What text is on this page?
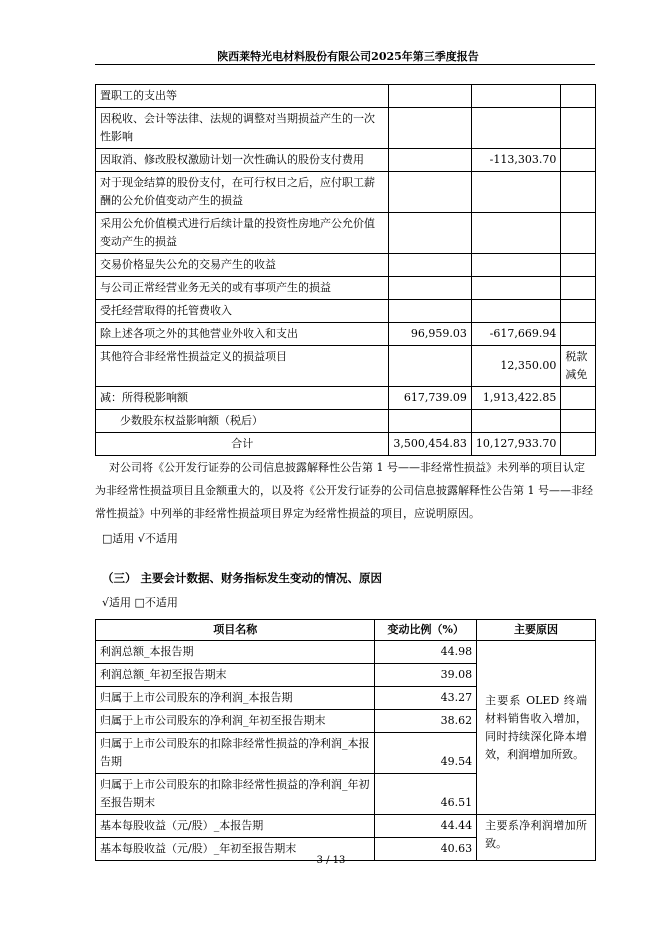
陕西莱特光电材料股份有限公司2025年第三季度报告
置职工的支出等			
因税收、会计等法律、法规的调整对当期损益产生的一次性影响			
因取消、修改股权激励计划一次性确认的股份支付费用		-113,303.70	
对于现金结算的股份支付，在可行权日之后，应付职工薪酬的公允价值变动产生的损益			
采用公允价值模式进行后续计量的投资性房地产公允价值变动产生的损益			
交易价格显失公允的交易产生的收益			
与公司正常经营业务无关的或有事项产生的损益			
受托经营取得的托管费收入			
除上述各项之外的其他营业外收入和支出	96,959.03	-617,669.94	
其他符合非经常性损益定义的损益项目		12,350.00	税款减免
减：所得税影响额	617,739.09	1,913,422.85	
少数股东权益影响额（税后）			
合计	3,500,454.83	10,127,933.70	
对公司将《公开发行证券的公司信息披露解释性公告第 1 号——非经常性损益》未列举的项目认定为非经常性损益项目且金额重大的，以及将《公开发行证券的公司信息披露解释性公告第 1 号——非经常性损益》中列举的非经常性损益项目界定为经常性损益的项目，应说明原因。
□适用 √不适用
（三） 主要会计数据、财务指标发生变动的情况、原因
√适用 □不适用
项目名称	变动比例（%）	主要原因
利润总额_本报告期	44.98	主要系 OLED 终端材料销售收入增加，同时持续深化降本增效，利润增加所致。
利润总额_年初至报告期末	39.08	
归属于上市公司股东的净利润_本报告期	43.27	
归属于上市公司股东的净利润_年初至报告期末	38.62	
归属于上市公司股东的扣除非经常性损益的净利润_本报告期	49.54	
归属于上市公司股东的扣除非经常性损益的净利润_年初至报告期末	46.51	
基本每股收益（元/股）_本报告期	44.44	主要系净利润增加所致。
基本每股收益（元/股）_年初至报告期末	40.63	
3 / 13
